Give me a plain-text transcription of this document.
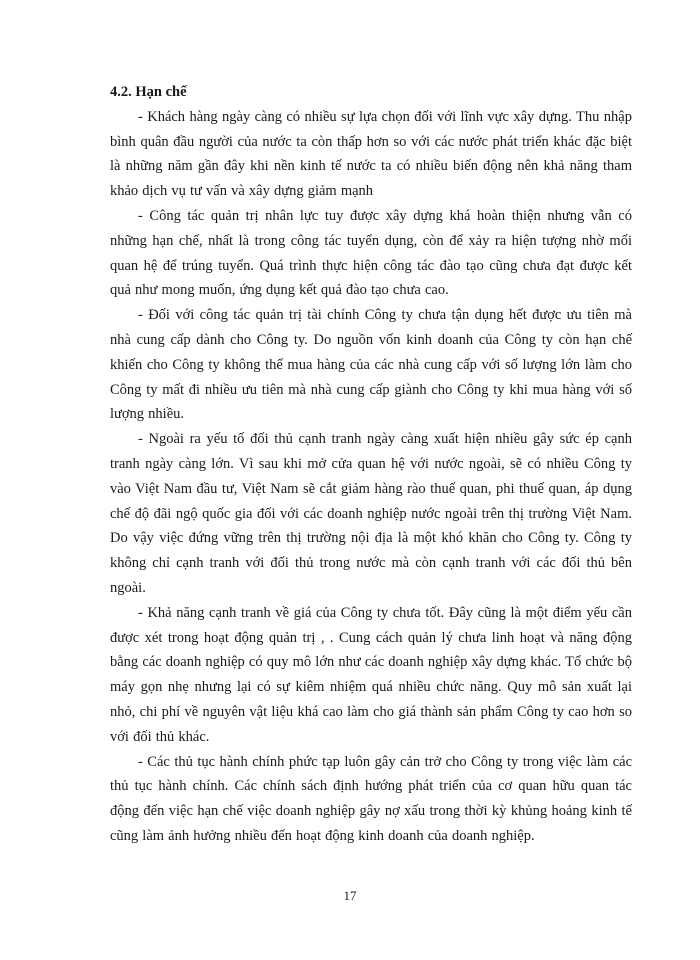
4.2. Hạn chế

- Khách hàng ngày càng có nhiều sự lựa chọn đối với lĩnh vực xây dựng. Thu nhập bình quân đầu người của nước ta còn thấp hơn so với các nước phát triển khác đặc biệt là những năm gần đây khi nền kinh tế nước ta có nhiều biến động nên khả năng tham khảo dịch vụ tư vấn và xây dựng giảm mạnh

- Công tác quản trị nhân lực tuy được xây dựng khá hoàn thiện nhưng vẫn có những hạn chế, nhất là trong công tác tuyển dụng, còn để xảy ra hiện tượng nhờ mối quan hệ để trúng tuyển. Quá trình thực hiện công tác đào tạo cũng chưa đạt được kết quả như mong muốn, ứng dụng kết quả đào tạo chưa cao.

- Đối với công tác quản trị tài chính Công ty chưa tận dụng hết được ưu tiên mà nhà cung cấp dành cho Công ty. Do nguồn vốn kinh doanh của Công ty còn hạn chế khiến cho Công ty không thể mua hàng của các nhà cung cấp với số lượng lớn làm cho Công ty mất đi nhiều ưu tiên mà nhà cung cấp giành cho Công ty khi mua hàng với số lượng nhiều.

- Ngoài ra yếu tố đối thủ cạnh tranh ngày càng xuất hiện nhiều gây sức ép cạnh tranh ngày càng lớn. Vì sau khi mở cửa quan hệ với nước ngoài, sẽ có nhiều Công ty vào Việt Nam đầu tư, Việt Nam sẽ cắt giảm hàng rào thuế quan, phi thuế quan, áp dụng chế độ đãi ngộ quốc gia đối với các doanh nghiệp nước ngoài trên thị trường Việt Nam. Do vậy việc đứng vững trên thị trường nội địa là một khó khăn cho Công ty. Công ty không chỉ cạnh tranh với đối thủ trong nước mà còn cạnh tranh với các đối thủ bên ngoài.

- Khả năng cạnh tranh về giá của Công ty chưa tốt. Đây cũng là một điểm yếu cần được xét trong hoạt động quản trị , . Cung cách quản lý chưa linh hoạt và năng động bằng các doanh nghiệp có quy mô lớn như các doanh nghiệp xây dựng khác. Tổ chức bộ máy gọn nhẹ nhưng lại có sự kiêm nhiệm quá nhiều chức năng. Quy mô sản xuất lại nhỏ, chi phí về nguyên vật liệu khá cao làm cho giá thành sản phẩm Công ty cao hơn so với đối thủ khác.

- Các thủ tục hành chính phức tạp luôn gây cản trở cho Công ty trong việc làm các thủ tục hành chính. Các chính sách định hướng phát triển của cơ quan hữu quan tác động đến việc hạn chế việc doanh nghiệp gây nợ xấu trong thời kỳ khủng hoảng kinh tế cũng làm ảnh hưởng nhiều đến hoạt động kinh doanh của doanh nghiệp.

17
